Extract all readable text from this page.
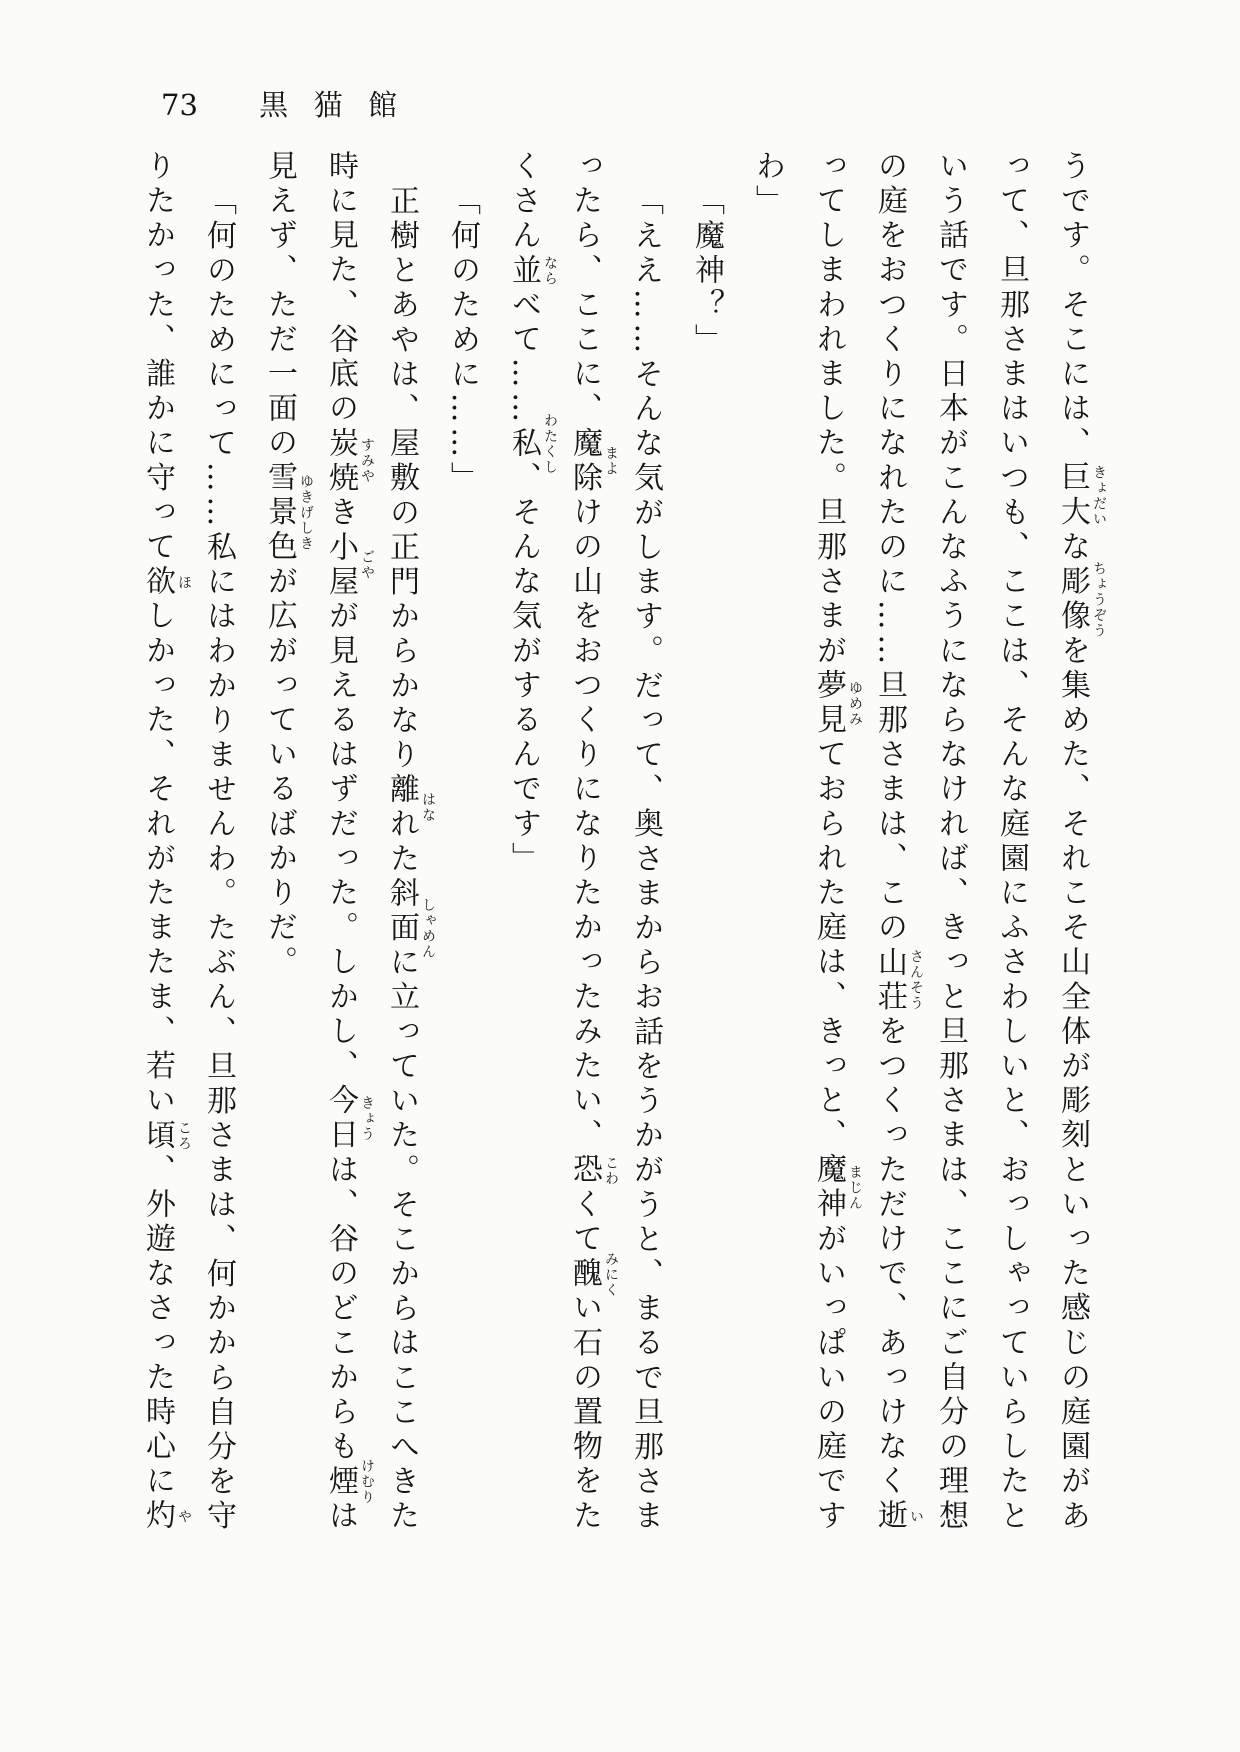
73 黒猫館
うです。そこには、巨大 きょだい
な彫像 ちょうぞう
を集めた、それこそ山全体が彫刻といった感じの庭園があ
って、旦那さまはいつも、ここは、そんな庭園にふさわしいと、おっしゃっていらしたと
いう話です。日本がこんなふうにならなければ、きっと旦那さまは、ここにご自分の理想
の庭をおつくりになれたのに……旦那さまは、この山荘 さんそう
をつくっただけで、あっけなく逝 い
ってしまわれました。旦那さまが夢見 ゆめみ
ておられた庭は、きっと、魔神 まじん
がいっぱいの庭です
わ」
「魔神？」
「ええ……そんな気がします。だって、奥さまからお話をうかがうと、まるで旦那さま
ったら、ここに、魔除 まよ
けの山をおつくりになりたかったみたい、恐 こわ
くて醜 みにく
い石の置物をた
くさん並 なら
べて……私 わたくし
、そんな気がするんです」
「何のために……」
正樹とあやは、屋敷の正門からかなり離 はな
れた斜面 しゃめん
に立っていた。そこからはここへきた
時に見た、谷底の炭焼 すみや
き小屋 ごや
が見えるはずだった。しかし、今日 きょう
は、谷のどこからも煙 けむり
は
見えず、ただ一面の雪景色 ゆきげしき
が広がっているばかりだ。
「何のためにって……私にはわかりませんわ。たぶん、旦那さまは、何かから自分を守
りたかった、誰かに守って欲 ほ
しかった、それがたまたま、若い頃 ころ
、外遊なさった時心に灼 や
